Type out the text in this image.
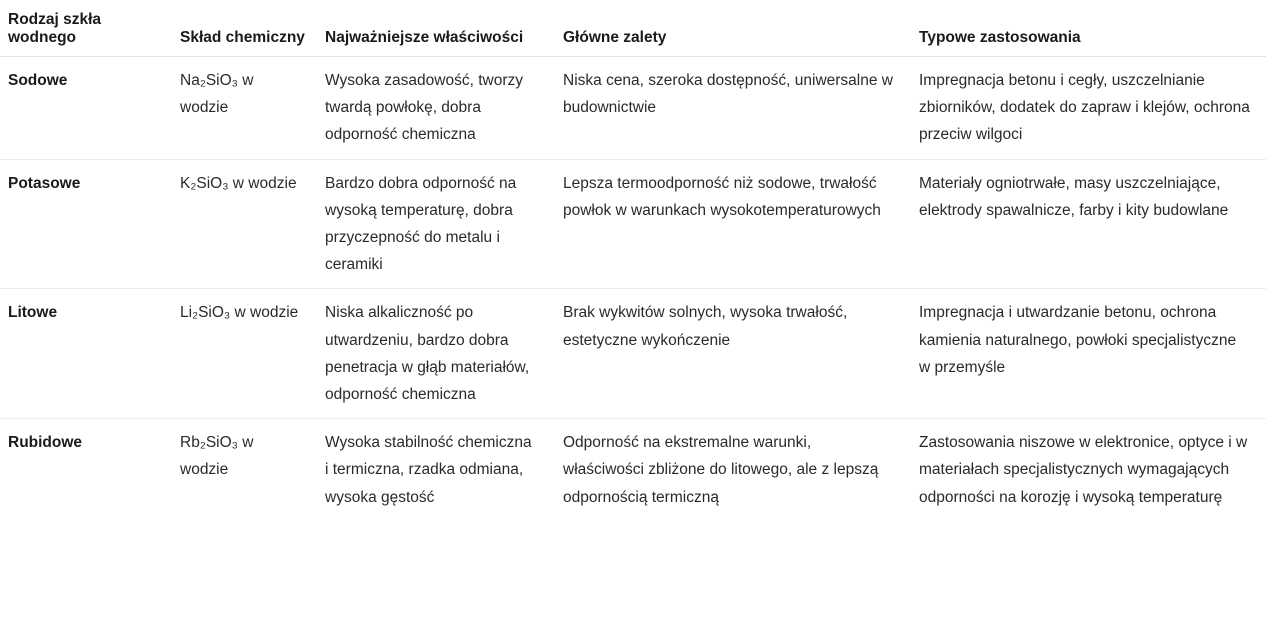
Rodzaj szkła wodnego	Skład chemiczny	Najważniejsze właściwości	Główne zalety	Typowe zastosowania
Sodowe	Na₂SiO₃ w wodzie	Wysoka zasadowość, tworzy twardą powłokę, dobra odporność chemiczna	Niska cena, szeroka dostępność, uniwersalne w budownictwie	Impregnacja betonu i cegły, uszczelnianie zbiorników, dodatek do zapraw i klejów, ochrona przeciw wilgoci
Potasowe	K₂SiO₃ w wodzie	Bardzo dobra odporność na wysoką temperaturę, dobra przyczepność do metalu i ceramiki	Lepsza termoodporność niż sodowe, trwałość powłok w warunkach wysokotemperaturowych	Materiały ogniotrwałe, masy uszczelniające, elektrody spawalnicze, farby i kity budowlane
Litowe	Li₂SiO₃ w wodzie	Niska alkaliczność po utwardzeniu, bardzo dobra penetracja w głąb materiałów, odporność chemiczna	Brak wykwitów solnych, wysoka trwałość, estetyczne wykończenie	Impregnacja i utwardzanie betonu, ochrona kamienia naturalnego, powłoki specjalistyczne w przemyśle
Rubidowe	Rb₂SiO₃ w wodzie	Wysoka stabilność chemiczna i termiczna, rzadka odmiana, wysoka gęstość	Odporność na ekstremalne warunki, właściwości zbliżone do litowego, ale z lepszą odpornością termiczną	Zastosowania niszowe w elektronice, optyce i w materiałach specjalistycznych wymagających odporności na korozję i wysoką temperaturę
